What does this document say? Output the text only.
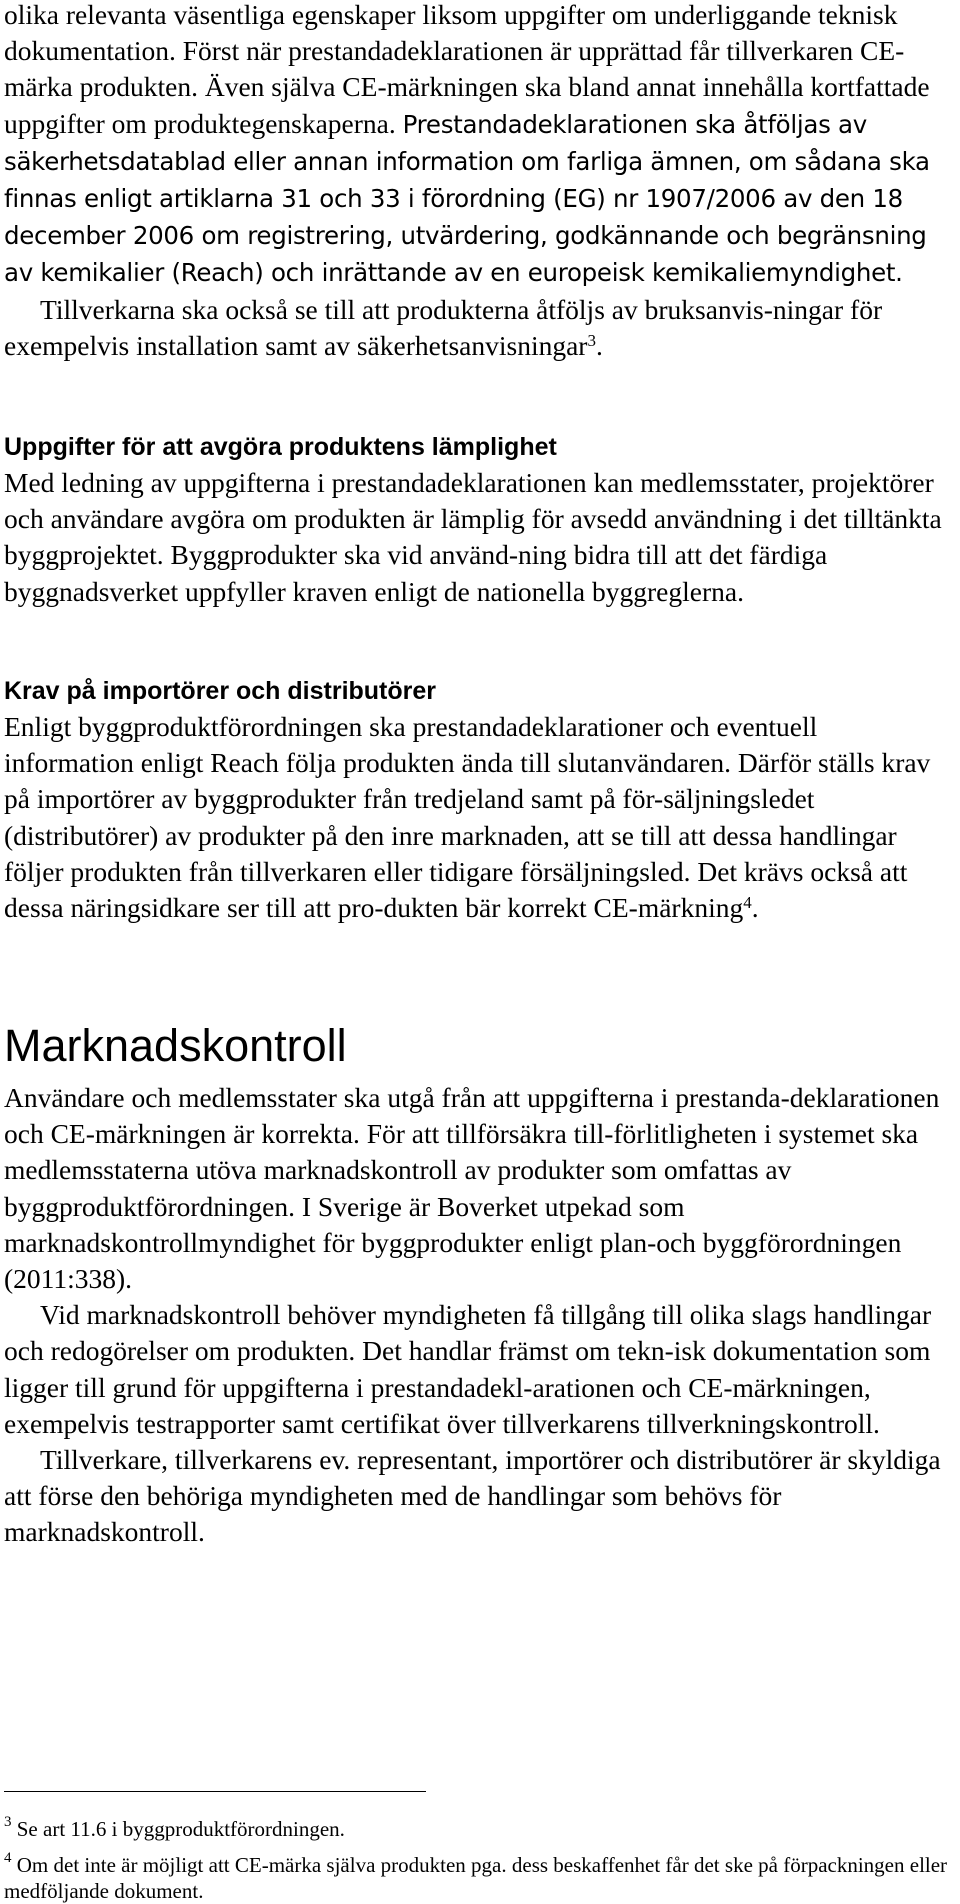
olika relevanta väsentliga egenskaper liksom uppgifter om underliggande teknisk dokumentation. Först när prestandadeklarationen är upprättad får tillverkaren CE-märka produkten. Även själva CE-märkningen ska bland annat innehålla kortfattade uppgifter om produktegenskaperna. Prestandadeklarationen ska åtföljas av säkerhetsdatablad eller annan information om farliga ämnen, om sådana ska finnas enligt artiklarna 31 och 33 i förordning (EG) nr 1907/2006 av den 18 december 2006 om registrering, utvärdering, godkännande och begränsning av kemikalier (Reach) och inrättande av en europeisk kemikaliemyndighet.

Tillverkarna ska också se till att produkterna åtföljs av bruksanvis-ningar för exempelvis installation samt av säkerhetsanvisningar$^3$.

Uppgifter för att avgöra produktens lämplighet

Med ledning av uppgifterna i prestandadeklarationen kan medlemsstater, projektörer och användare avgöra om produkten är lämplig för avsedd användning i det tilltänkta byggprojektet. Byggprodukter ska vid använd-ning bidra till att det färdiga byggnadsverket uppfyller kraven enligt de nationella byggreglerna.

Krav på importörer och distributörer

Enligt byggproduktförordningen ska prestandadeklarationer och eventuell information enligt Reach följa produkten ända till slutanvändaren. Därför ställs krav på importörer av byggprodukter från tredjeland samt på för-säljningsledet (distributörer) av produkter på den inre marknaden, att se till att dessa handlingar följer produkten från tillverkaren eller tidigare försäljningsled. Det krävs också att dessa näringsidkare ser till att pro-dukten bär korrekt CE-märkning$^4$.

Marknadskontroll

Användare och medlemsstater ska utgå från att uppgifterna i prestanda-deklarationen och CE-märkningen är korrekta. För att tillförsäkra till-förlitligheten i systemet ska medlemsstaterna utöva marknadskontroll av produkter som omfattas av byggproduktförordningen. I Sverige är Boverket utpekad som marknadskontrollmyndighet för byggprodukter enligt plan-och byggförordningen (2011:338).

Vid marknadskontroll behöver myndigheten få tillgång till olika slags handlingar och redogörelser om produkten. Det handlar främst om tekn-isk dokumentation som ligger till grund för uppgifterna i prestandadekl-arationen och CE-märkningen, exempelvis testrapporter samt certifikat över tillverkarens tillverkningskontroll.

Tillverkare, tillverkarens ev. representant, importörer och distributörer är skyldiga att förse den behöriga myndigheten med de handlingar som behövs för marknadskontroll.

$^3$ Se art 11.6 i byggproduktförordningen.
$^4$ Om det inte är möjligt att CE-märka själva produkten pga. dess beskaffenhet får det ske på förpackningen eller medföljande dokument.
